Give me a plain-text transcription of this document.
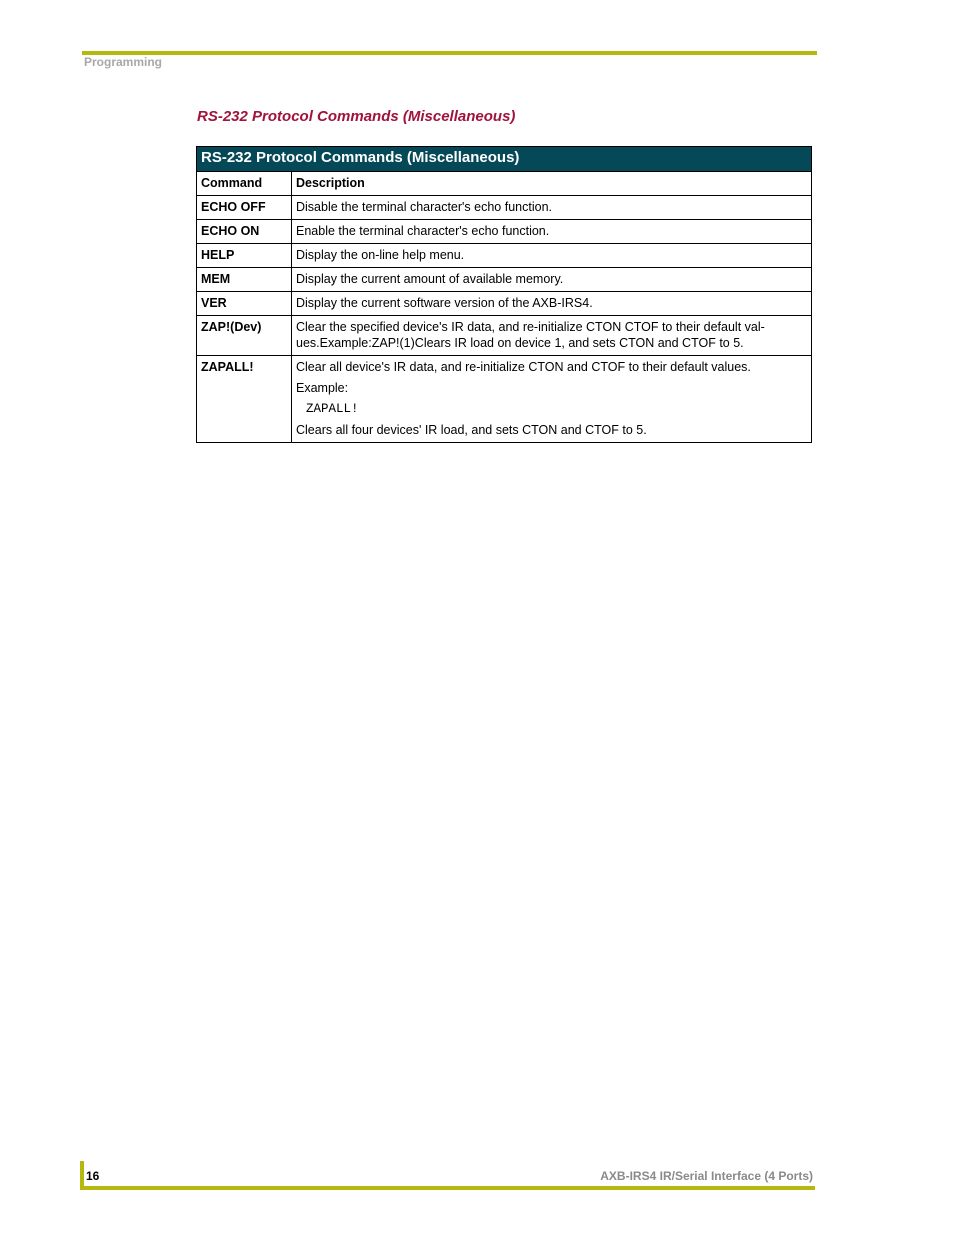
Programming
RS-232 Protocol Commands (Miscellaneous)
RS-232 Protocol Commands (Miscellaneous)	
Command	Description
ECHO OFF	Disable the terminal character's echo function.
ECHO ON	Enable the terminal character's echo function.
HELP	Display the on-line help menu.
MEM	Display the current amount of available memory.
VER	Display the current software version of the AXB-IRS4.
ZAP!(Dev)	Clear the specified device's IR data, and re-initialize CTON CTOF to their default val-ues.Example:ZAP!(1)Clears IR load on device 1, and sets CTON and CTOF to 5.
ZAPALL!	Clear all device's IR data, and re-initialize CTON and CTOF to their default values.

Example:

ZAPALL!

Clears all four devices' IR load, and sets CTON and CTOF to 5.

16	AXB-IRS4 IR/Serial Interface (4 Ports)
